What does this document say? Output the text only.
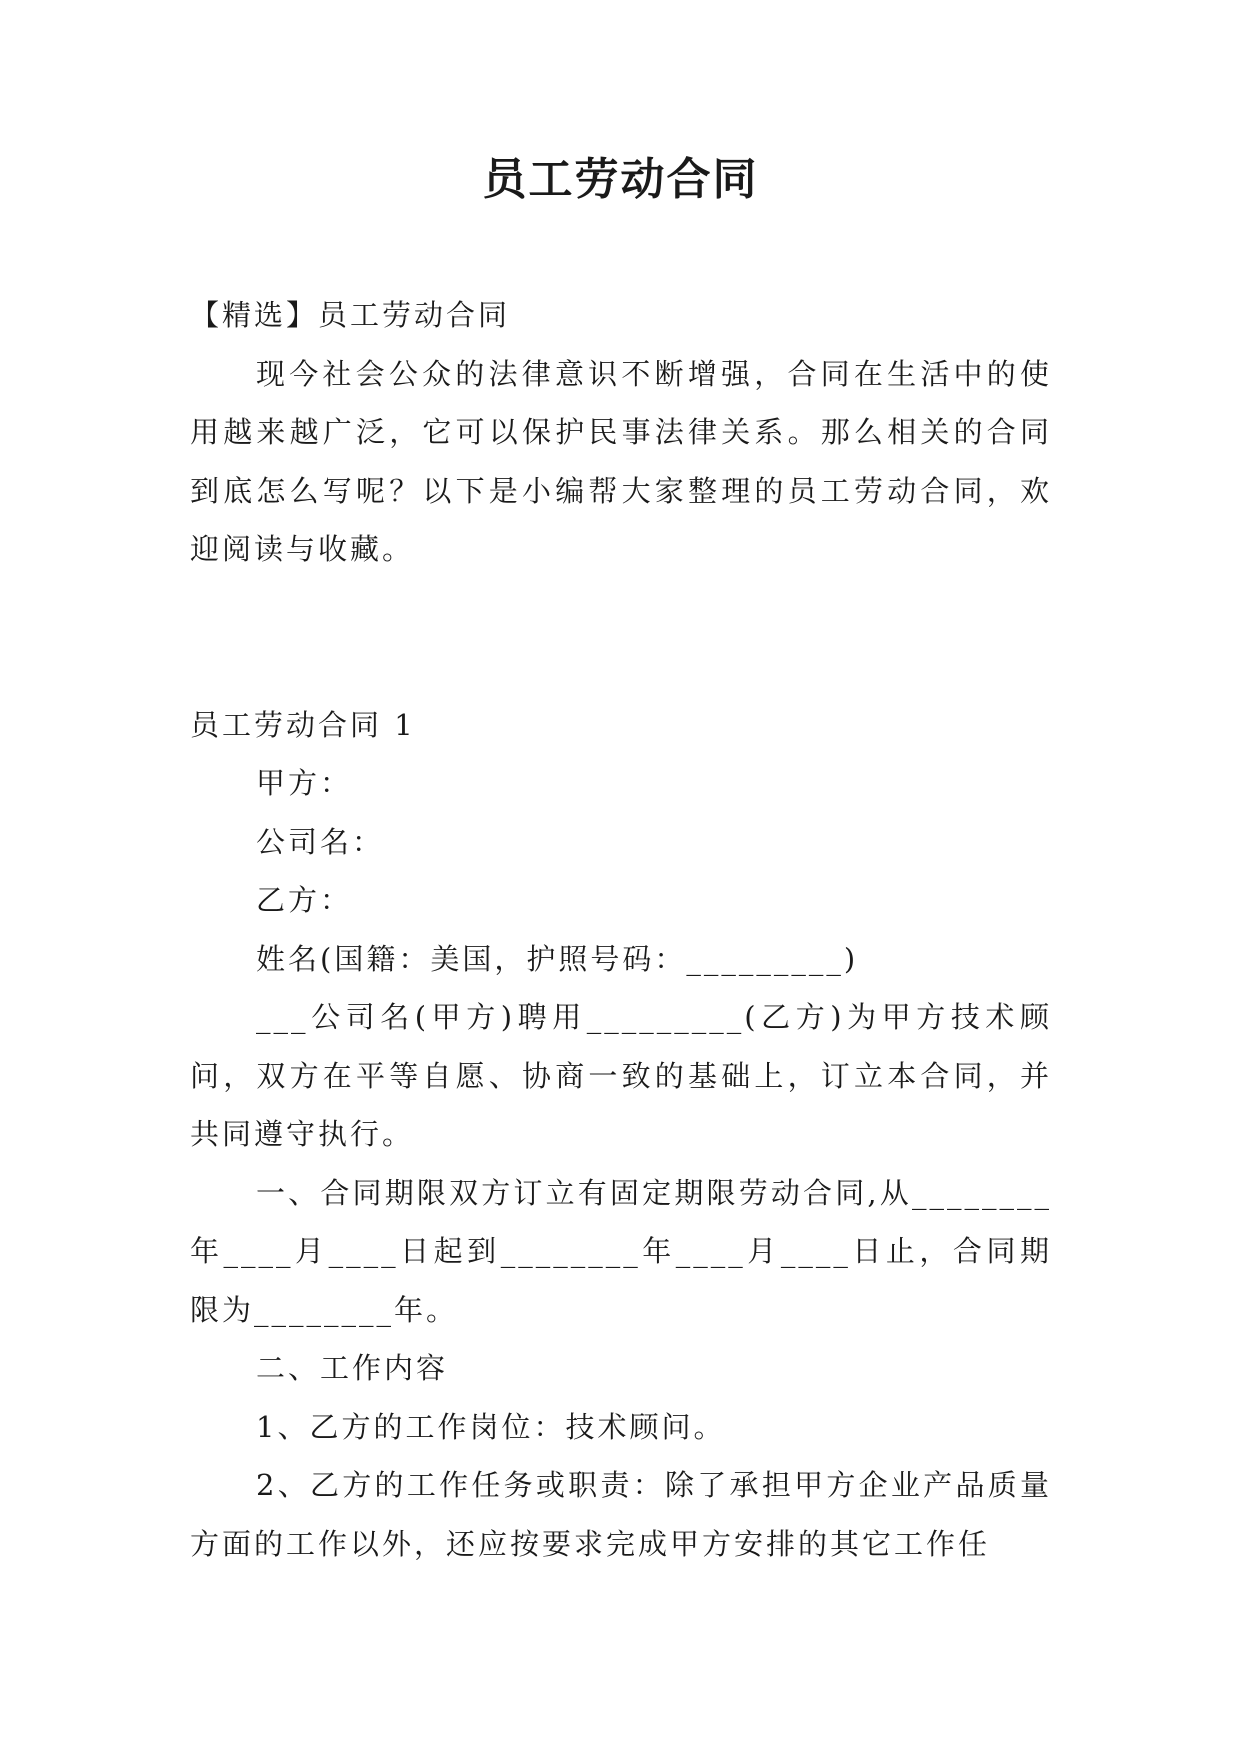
员工劳动合同

【精选】员工劳动合同

现今社会公众的法律意识不断增强，合同在生活中的使用越来越广泛，它可以保护民事法律关系。那么相关的合同到底怎么写呢？以下是小编帮大家整理的员工劳动合同，欢迎阅读与收藏。

员工劳动合同 1

甲方：

公司名：

乙方：

姓名(国籍：美国，护照号码：_________)

___公司名(甲方)聘用_________(乙方)为甲方技术顾问，双方在平等自愿、协商一致的基础上，订立本合同，并共同遵守执行。

一、合同期限双方订立有固定期限劳动合同,从________年____月____日起到________年____月____日止，合同期限为________年。

二、工作内容

1、乙方的工作岗位：技术顾问。

2、乙方的工作任务或职责：除了承担甲方企业产品质量方面的工作以外，还应按要求完成甲方安排的其它工作任
